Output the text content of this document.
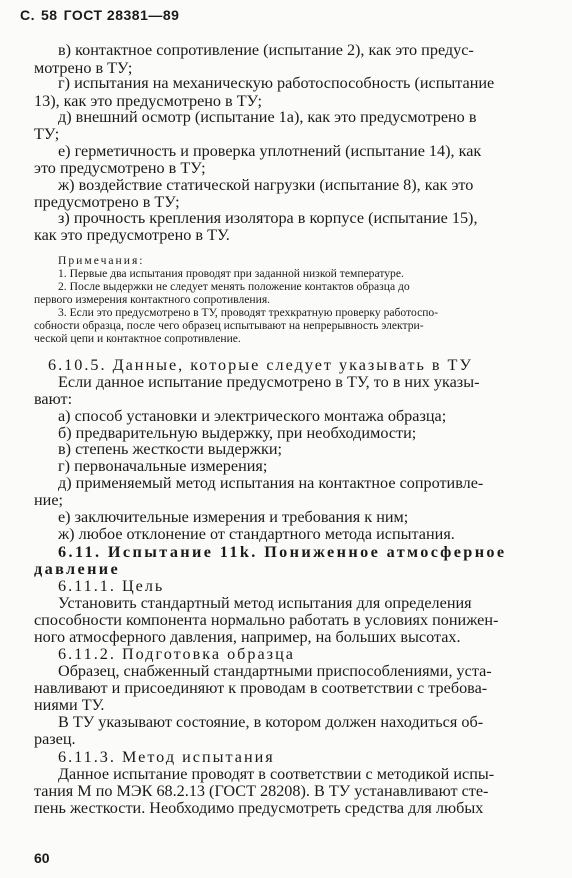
С. 58 ГОСТ 28381—89
в) контактное сопротивление (испытание 2), как это предус-
мотрено в ТУ;
г) испытания на механическую работоспособность (испытание
13), как это предусмотрено в ТУ;
д) внешний осмотр (испытание 1а), как это предусмотрено в
ТУ;
е) герметичность и проверка уплотнений (испытание 14), как
это предусмотрено в ТУ;
ж) воздействие статической нагрузки (испытание 8), как это
предусмотрено в ТУ;
з) прочность крепления изолятора в корпусе (испытание 15),
как это предусмотрено в ТУ.
Примечания:
1. Первые два испытания проводят при заданной низкой температуре.
2. После выдержки не следует менять положение контактов образца до
первого измерения контактного сопротивления.
3. Если это предусмотрено в ТУ, проводят трехкратную проверку работоспо-
собности образца, после чего образец испытывают на непрерывность электри-
ческой цепи и контактное сопротивление.
6.10.5. Данные, которые следует указывать в ТУ
Если данное испытание предусмотрено в ТУ, то в них указы-
вают:
а) способ установки и электрического монтажа образца;
б) предварительную выдержку, при необходимости;
в) степень жесткости выдержки;
г) первоначальные измерения;
д) применяемый метод испытания на контактное сопротивле-
ние;
е) заключительные измерения и требования к ним;
ж) любое отклонение от стандартного метода испытания.
6.11. Испытание 11k. Пониженное атмосферное
давление
6.11.1. Цель
Установить стандартный метод испытания для определения
способности компонента нормально работать в условиях понижен-
ного атмосферного давления, например, на больших высотах.
6.11.2. Подготовка образца
Образец, снабженный стандартными приспособлениями, уста-
навливают и присоединяют к проводам в соответствии с требова-
ниями ТУ.
В ТУ указывают состояние, в котором должен находиться об-
разец.
6.11.3. Метод испытания
Данное испытание проводят в соответствии с методикой испы-
тания М по МЭК 68.2.13 (ГОСТ 28208). В ТУ устанавливают сте-
пень жесткости. Необходимо предусмотреть средства для любых
60
